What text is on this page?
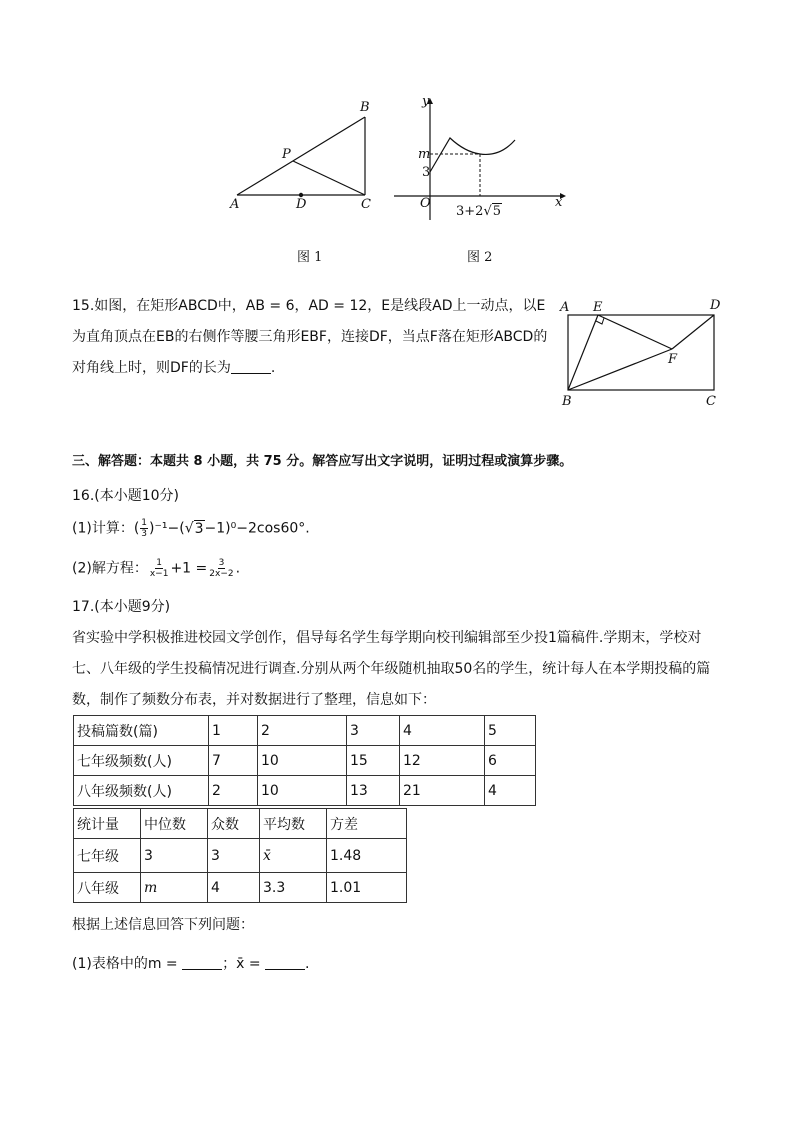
A
B
C
D
P
图 1
y
x
O
m
3
3+2√5
图 2
15.如图，在矩形ABCD中，AB = 6，AD = 12，E是线段AD上一动点，以E
为直角顶点在EB的右侧作等腰三角形EBF，连接DF，当点F落在矩形ABCD的
对角线上时，则DF的长为	.
A E	D
F
B	C
三、解答题：本题共 8 小题，共 75 分。解答应写出文字说明，证明过程或演算步骤。
16.(本小题10分)
(1)计算：( $\frac{1}{3} )^{-1}-(√3-1)^0-2\cos 60^\circ$.
(2)解方程： $\frac{1}{x-1} +1 = \frac{3}{2x-2}$ .
17.(本小题9分)
省实验中学积极推进校园文学创作，倡导每名学生每学期向校刊编辑部至少投1篇稿件.学期末，学校对
七、八年级的学生投稿情况进行调查.分别从两个年级随机抽取50名的学生，统计每人在本学期投稿的篇
数，制作了频数分布表，并对数据进行了整理，信息如下：
投稿篇数(篇)	1	2	3	4	5
七年级频数(人)	7	10	15	12	6
八年级频数(人)	2	10	13	21	4
统计量	中位数	众数	平均数	方差
七年级	3	3	x̄	1.48
八年级	m	4	3.3	1.01
根据上述信息回答下列问题：
(1)表格中的m =	；x̄ =	.
